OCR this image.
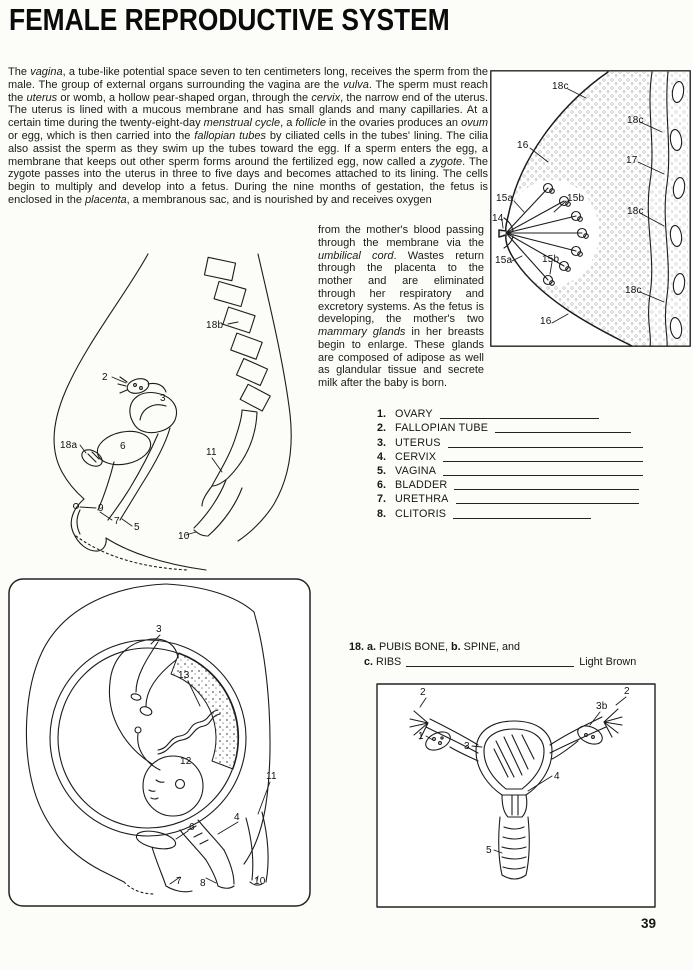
FEMALE REPRODUCTIVE SYSTEM
The vagina, a tube-like potential space seven to ten centimeters long, receives the sperm from the male. The group of external organs surrounding the vagina are the vulva. The sperm must reach the uterus or womb, a hollow pear-shaped organ, through the cervix, the narrow end of the uterus. The uterus is lined with a mucous membrane and has small glands and many capillaries. At a certain time during the twenty-eight-day menstrual cycle, a follicle in the ovaries produces an ovum or egg, which is then carried into the fallopian tubes by ciliated cells in the tubes' lining. The cilia also assist the sperm as they swim up the tubes toward the egg. If a sperm enters the egg, a membrane that keeps out other sperm forms around the fertilized egg, now called a zygote. The zygote passes into the uterus in three to five days and becomes attached to its lining. The cells begin to multiply and develop into a fetus. During the nine months of gestation, the fetus is enclosed in the placenta, a membranous sac, and is nourished by and receives oxygen
from the mother's blood passing through the membrane via the umbilical cord. Wastes return through the placenta to the mother and are eliminated through her respiratory and excretory systems. As the fetus is developing, the mother's two mammary glands in her breasts begin to enlarge. These glands are composed of adipose as well as glandular tissue and secrete milk after the baby is born.
18c
18c
16
17
15a	15b
18c
14
15a	15b
18c
16
18b
2
3
18a	6
11
9
7
5
10
1. OVARY
2. FALLOPIAN TUBE
3. UTERUS
4. CERVIX
5. VAGINA
6. BLADDER
7. URETHRA
8. CLITORIS
18. a. PUBIS BONE, b. SPINE, and
c. RIBS	Light Brown
3
13
12
11
4
6
7 8	10
2	2
3b
1
3
4
5
39
